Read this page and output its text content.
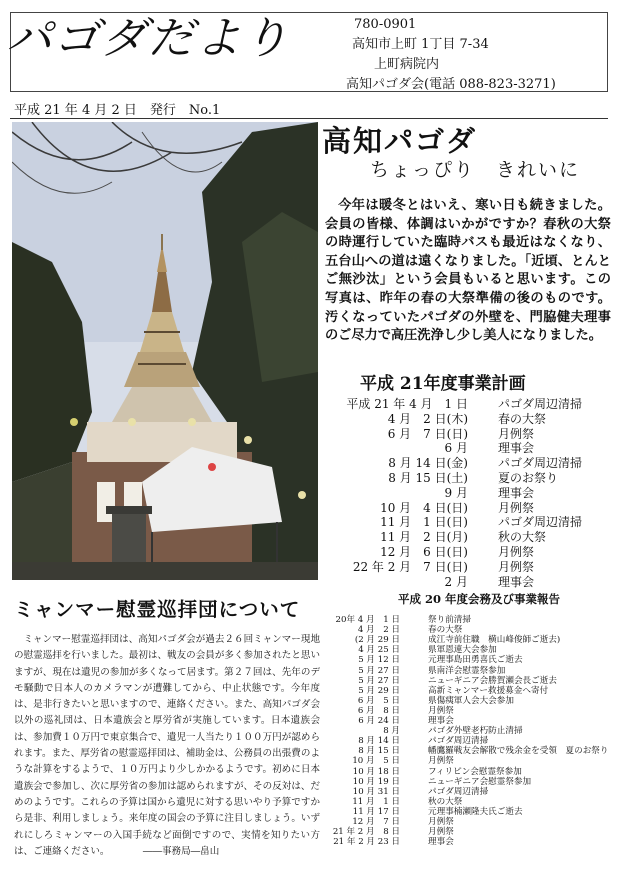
パゴダだより	780-0901
高知市上町 1丁目 7-34
上町病院内
高知パゴダ会(電話 088-823-3271)
平成 21 年 4 月 2 日　発行　No.1
高知パゴダ
ちょっぴり　きれいに
今年は暖冬とはいえ、寒い日も続きました。会員の皆様、体調はいかがですか？春秋の大祭の時運行していた臨時バスも最近はなくなり、五台山への道は遠くなりました。「近頃、とんとご無沙汰」という会員もいると思います。この写真は、昨年の春の大祭準備の後のものです。汚くなっていたパゴダの外壁を、門脇健夫理事のご尽力で高圧洗浄し少し美人になりました。
平成 21年度事業計画
平成 21 年 4 月　1 日	パゴダ周辺清掃
4 月　2 日(木)	春の大祭
6 月　7 日(日)	月例祭
6 月	理事会
8 月 14 日(金)	パゴダ周辺清掃
8 月 15 日(土)	夏のお祭り
9 月	理事会
10 月　4 日(日)	月例祭
11 月　1 日(日)	パゴダ周辺清掃
11 月　2 日(月)	秋の大祭
12 月　6 日(日)	月例祭
22 年 2 月　7 日(日)	月例祭
2 月	理事会
平成 20 年度会務及び事業報告
20年 4 月　1 日	祭り前清掃
4 月　2 日	春の大祭
(2 月 29 日	成江寺前住職　横山峰俊師ご逝去)
4 月 25 日	県軍恩連大会参加
5 月 12 日	元理事島田勇喜氏ご逝去
5 月 27 日	県南洋会慰霊祭参加
5 月 27 日	ニューギニア会勝賀瀬会長ご逝去
5 月 29 日	高新ミャンマー救援募金へ寄付
6 月　5 日	県傷痍軍人会大会参加
6 月　8 日	月例祭
6 月 24 日	理事会
8 月	パゴダ外壁老朽防止清掃
8 月 14 日	パゴダ周辺清掃
8 月 15 日	幡鷹羅戦友会解散で残余金を受領　夏のお祭り
10 月　5 日	月例祭
10 月 18 日	フィリピン会慰霊祭参加
10 月 19 日	ニューギニア会慰霊祭参加
10 月 31 日	パゴダ周辺清掃
11 月　1 日	秋の大祭
11 月 17 日	元理事楠瀬隆夫氏ご逝去
12 月　7 日	月例祭
21 年 2 月　8 日	月例祭
21 年 2 月 23 日	理事会
ミャンマー慰霊巡拝団について
ミャンマー慰霊巡拝団は、高知パゴダ会が過去２６回ミャンマー現地の慰霊巡拝を行いました。最初は、戦友の会員が多く参加されたと思いますが、現在は遺児の参加が多くなって居ます。第２７回は、先年のデモ騒動で日本人のカメラマンが遭難してから、中止状態です。今年度は、是非行きたいと思いますので、連絡ください。また、高知パゴダ会以外の巡礼団は、日本遺族会と厚労省が実施しています。日本遺族会は、参加費１０万円で東京集合で、遺児一人当たり１００万円が認められます。また、厚労省の慰霊巡拝団は、補助金は、公務員の出張費のような計算をするようで、１０万円より少しかかるようです。初めに日本遺族会で参加し、次に厚労省の参加は認められますが、その反対は、だめのようです。これらの予算は国から遺児に対する思いやり予算ですから是非、利用しましょう。来年度の国会の予算に注目しましょう。いずれにしろミャンマーの入国手続など面倒ですので、実情を知りたい方は、ご連絡ください。　　　　――事務局―畠山
